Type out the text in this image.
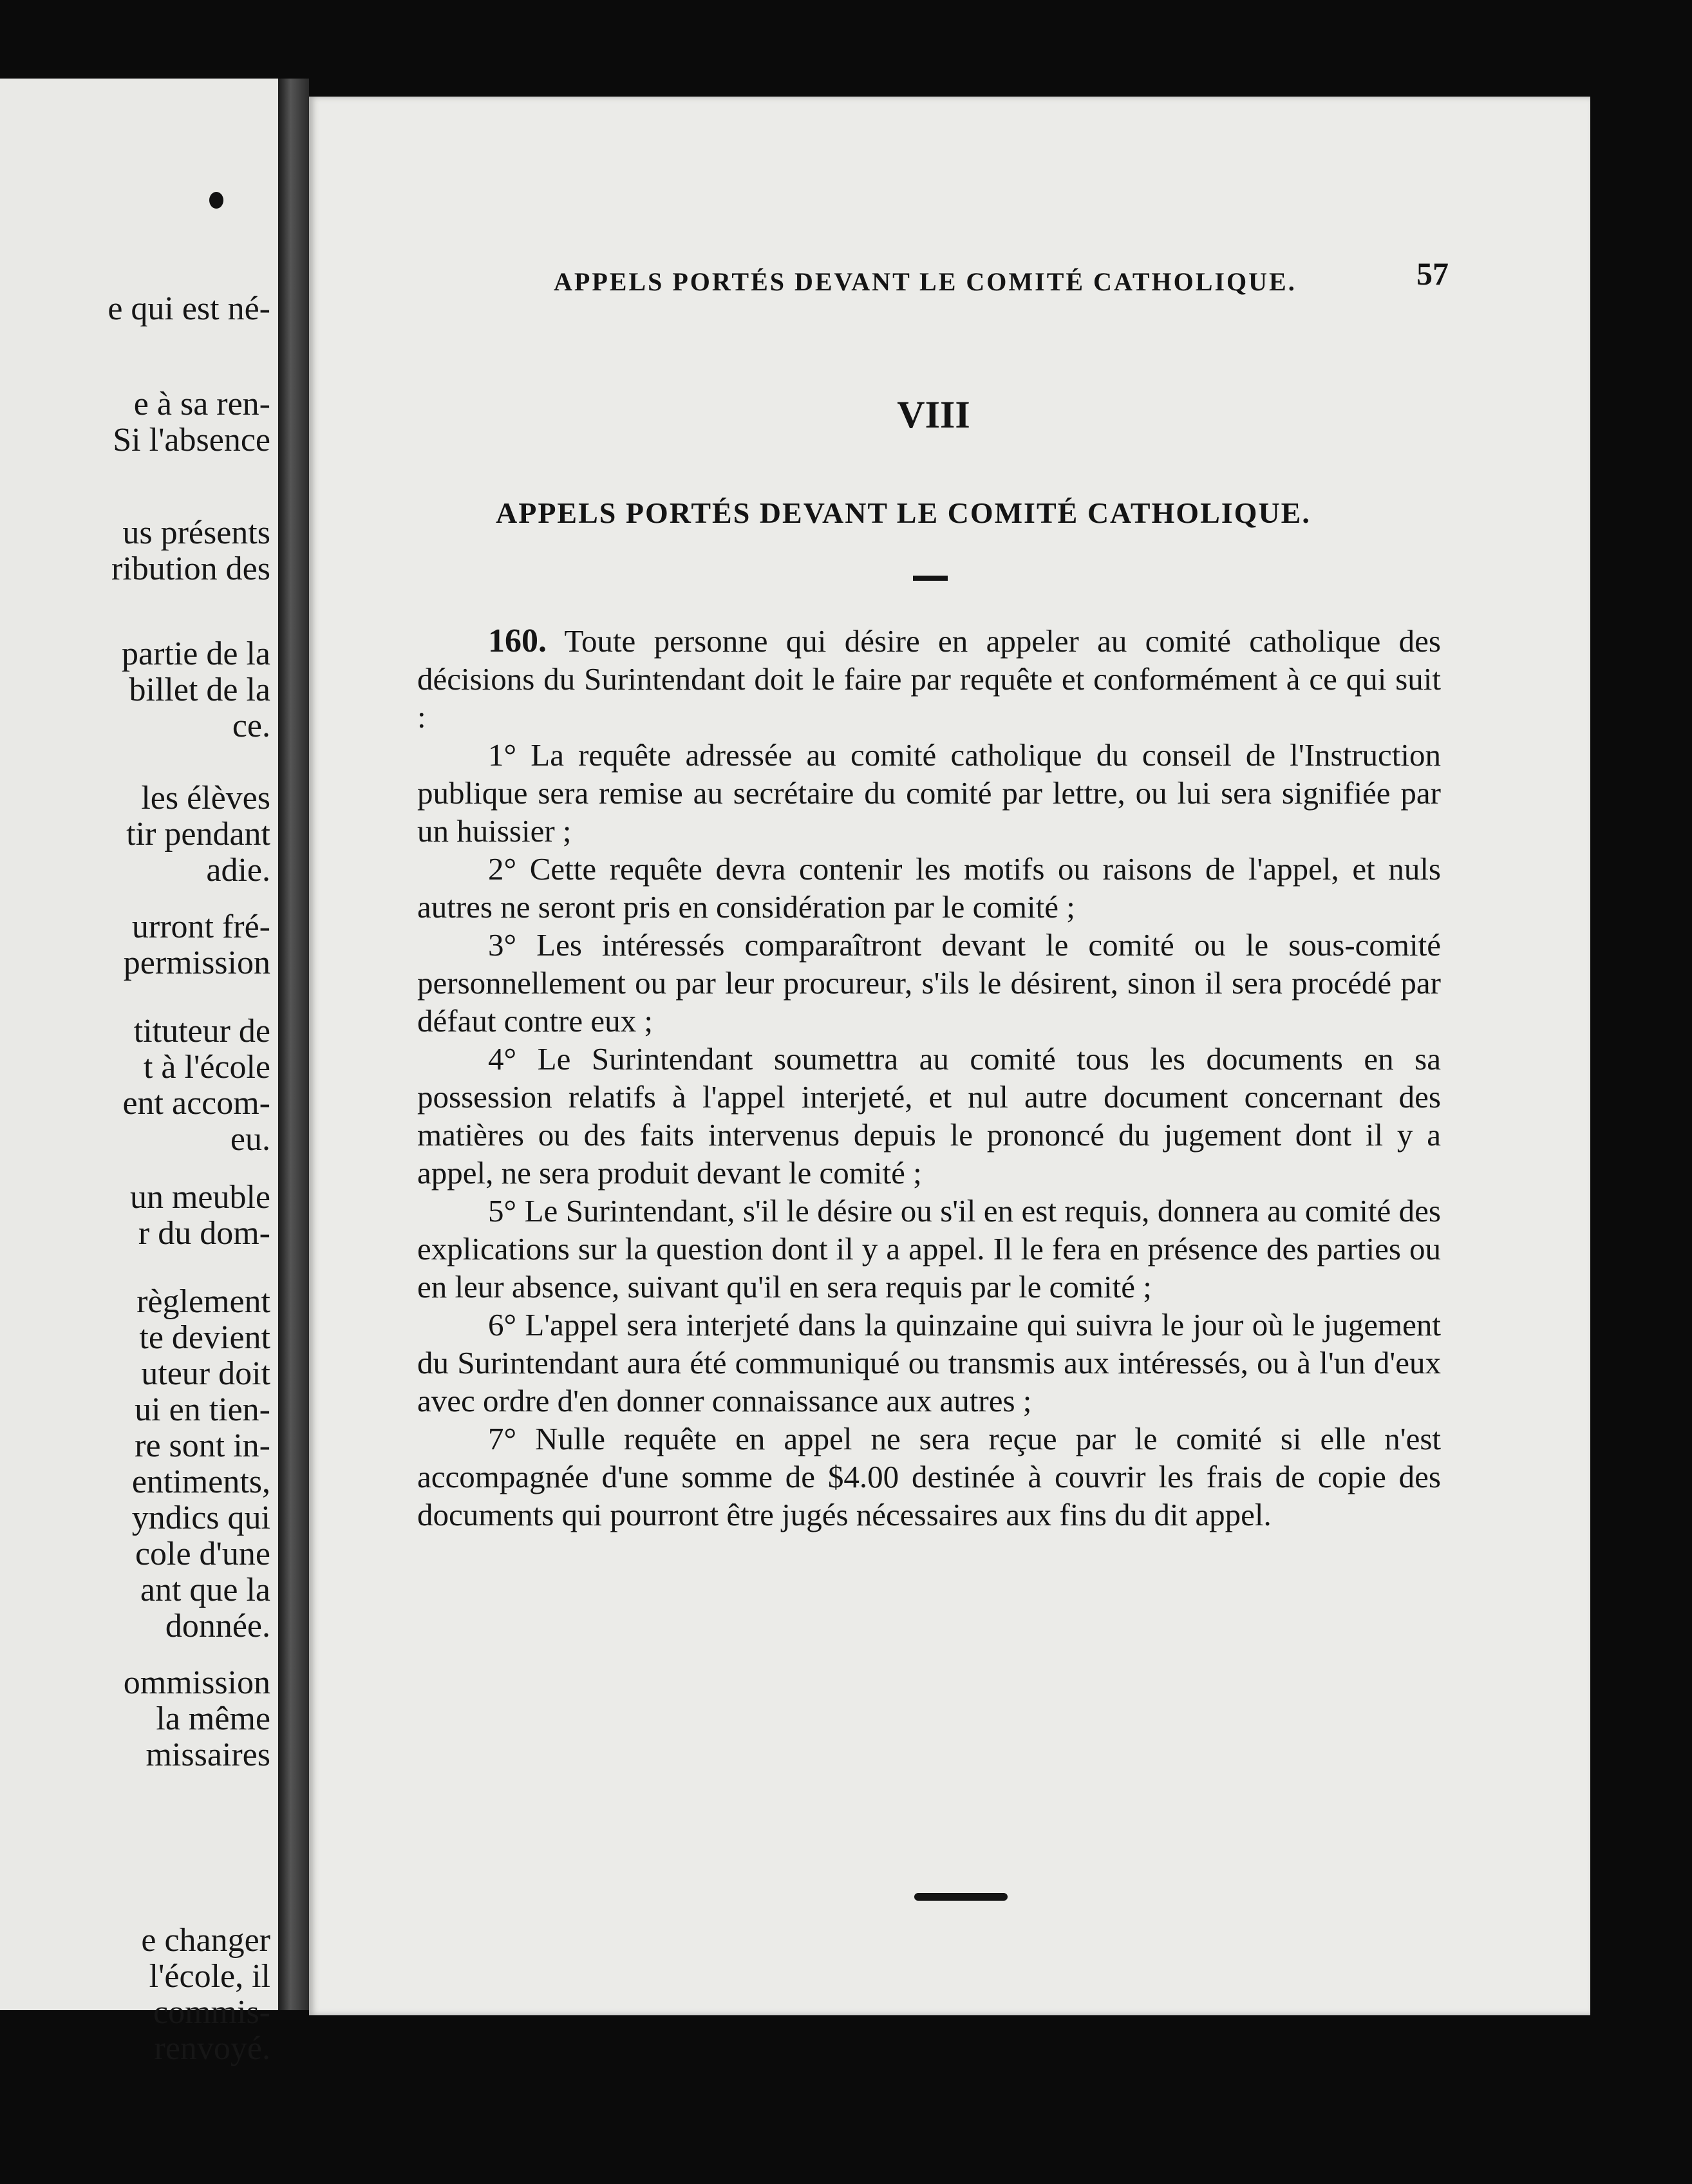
e qui est né-
e à sa ren-
Si l'absence
us présents
ribution des
partie de la
billet de la
ce.
les élèves
tir pendant
adie.
urront fré-
permission
tituteur de
t à l'école
ent accom-
eu.
un meuble
r du dom-
règlement
te devient
uteur doit
ui en tien-
re sont in-
entiments,
yndics qui
cole d'une
ant que la
donnée.
ommission
la même
missaires
e changer
l'école, il
commis-
renvoyé.
APPELS PORTÉS DEVANT LE COMITÉ CATHOLIQUE.	57
VIII
APPELS PORTÉS DEVANT LE COMITÉ CATHOLIQUE.

160. Toute personne qui désire en appeler au comité catholique des décisions du Surintendant doit le faire par requête et conformément à ce qui suit :

1° La requête adressée au comité catholique du conseil de l'Instruction publique sera remise au secrétaire du comité par lettre, ou lui sera signifiée par un huissier ;

2° Cette requête devra contenir les motifs ou raisons de l'appel, et nuls autres ne seront pris en considération par le comité ;

3° Les intéressés comparaîtront devant le comité ou le sous-comité personnellement ou par leur procureur, s'ils le désirent, sinon il sera procédé par défaut contre eux ;

4° Le Surintendant soumettra au comité tous les documents en sa possession relatifs à l'appel interjeté, et nul autre document concernant des matières ou des faits intervenus depuis le prononcé du jugement dont il y a appel, ne sera produit devant le comité ;

5° Le Surintendant, s'il le désire ou s'il en est requis, donnera au comité des explications sur la question dont il y a appel. Il le fera en présence des parties ou en leur absence, suivant qu'il en sera requis par le comité ;

6° L'appel sera interjeté dans la quinzaine qui suivra le jour où le jugement du Surintendant aura été communiqué ou transmis aux intéressés, ou à l'un d'eux avec ordre d'en donner connaissance aux autres ;

7° Nulle requête en appel ne sera reçue par le comité si elle n'est accompagnée d'une somme de $4.00 destinée à couvrir les frais de copie des documents qui pourront être jugés nécessaires aux fins du dit appel.
